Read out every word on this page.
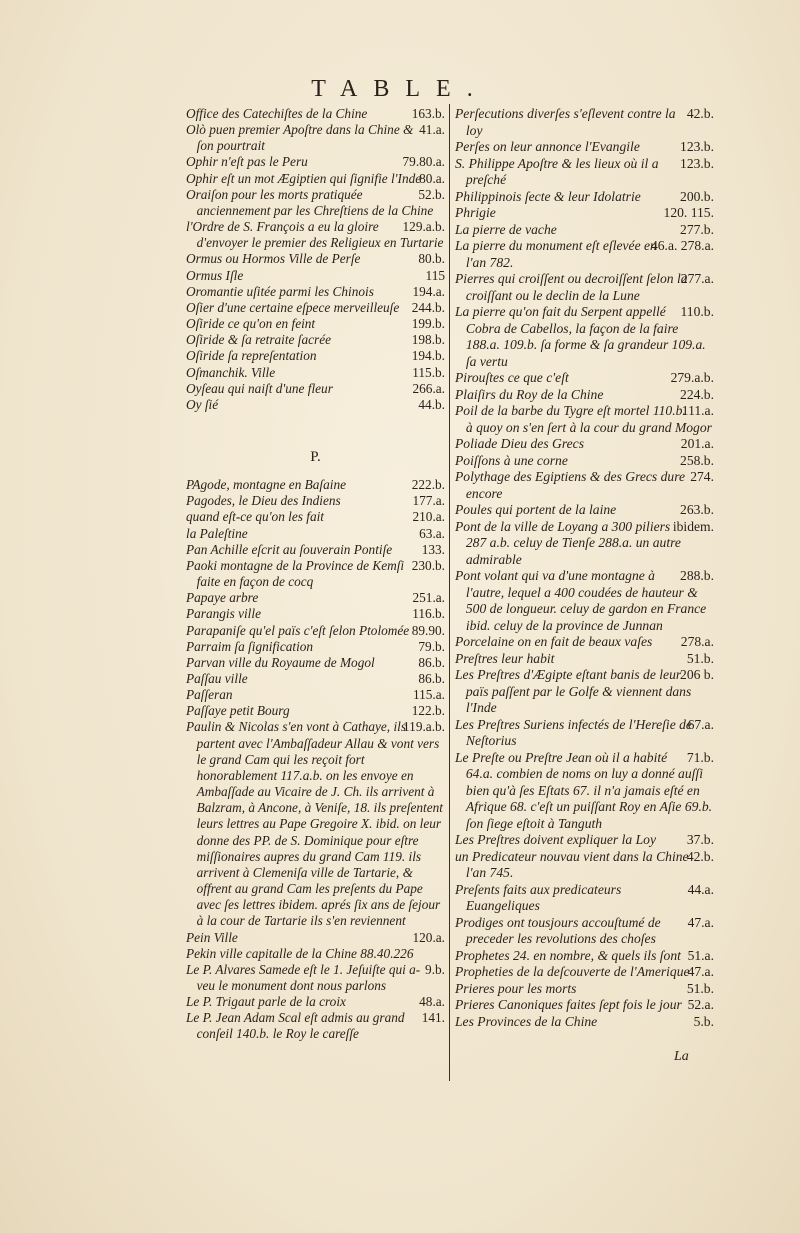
TABLE.
163.b.
Office des Catechiſtes de la Chine
41.a.
Olò puen premier Apoſtre dans la Chine & ſon pourtrait
79.80.a.
Ophir n'eſt pas le Peru
80.a.
Ophir eſt un mot Ægiptien qui ſignifie l'Inde
52.b.
Oraiſon pour les morts pratiquée anciennement par les Chreſtiens de la Chine
129.a.b.
l'Ordre de S. François a eu la gloire d'envoyer le premier des Religieux en Turtarie
80.b.
Ormus ou Hormos Ville de Perſe
115
Ormus Iſle
194.a.
Oromantie uſitée parmi les Chinois
244.b.
Oſier d'une certaine eſpece merveilleuſe
199.b.
Oſiride ce qu'on en feint
198.b.
Oſiride & ſa retraite ſacrée
194.b.
Oſiride ſa repreſentation
115.b.
Oſmanchik. Ville
266.a.
Oyſeau qui naiſt d'une fleur
44.b.
Oy ſié
P.
222.b.
PAgode, montagne en Baſaine
177.a.
Pagodes, le Dieu des Indiens
210.a.
quand eſt-ce qu'on les fait
63.a.
la Paleſtine
133.
Pan Achille eſcrit au ſouverain Pontiſe
230.b.
Paoki montagne de la Province de Kemſi faite en façon de cocq
251.a.
Papaye arbre
116.b.
Parangis ville
89.90.
Parapaniſe qu'el païs c'eſt ſelon Ptolomée
79.b.
Parraim ſa ſignification
86.b.
Parvan ville du Royaume de Mogol
86.b.
Paſſau ville
115.a.
Paſſeran
122.b.
Paſſaye petit Bourg
119.a.b.
Paulin & Nicolas s'en vont à Cathaye, ils partent avec l'Ambaſſadeur Allau & vont vers le grand Cam qui les reçoit fort honorablement 117.a.b. on les envoye en Ambaſſade au Vicaire de J. Ch. ils arrivent à Balzram, à Ancone, à Veniſe, 18. ils preſentent leurs lettres au Pape Gregoire X. ibid. on leur donne des PP. de S. Dominique pour eſtre miſſionaires aupres du grand Cam 119. ils arrivent à Clemeniſa ville de Tartarie, & offrent au grand Cam les preſents du Pape avec ſes lettres ibidem. aprés ſix ans de ſejour à la cour de Tartarie ils s'en reviennent
120.a.
Pein Ville
Pekin ville capitalle de la Chine 88.40.226
9.b.
Le P. Alvares Samede eſt le 1. Jeſuiſte qui a-veu le monument dont nous parlons
48.a.
Le P. Trigaut parle de la croix
141.
Le P. Jean Adam Scal eſt admis au grand conſeil 140.b. le Roy le careſſe
42.b.
Perſecutions diverſes s'eſlevent contre la loy
123.b.
Perſes on leur annonce l'Evangile
123.b.
S. Philippe Apoſtre & les lieux où il a preſché
200.b.
Philippinois ſecte & leur Idolatrie
120. 115.
Phrigie
277.b.
La pierre de vache
46.a. 278.a.
La pierre du monument eſt eſlevée en l'an 782.
277.a.
Pierres qui croiſſent ou decroiſſent ſelon la croiſſant ou le declin de la Lune
110.b.
La pierre qu'on fait du Serpent appellé Cobra de Cabellos, la façon de la faire 188.a. 109.b. ſa forme & ſa grandeur 109.a. ſa vertu
279.a.b.
Pirouſtes ce que c'eſt
224.b.
Plaiſirs du Roy de la Chine
111.a.
Poil de la barbe du Tygre eſt mortel 110.b. à quoy on s'en ſert à la cour du grand Mogor
201.a.
Poliade Dieu des Grecs
258.b.
Poiſſons à une corne
274.
Polythage des Egiptiens & des Grecs dure encore
263.b.
Poules qui portent de la laine
ibidem.
Pont de la ville de Loyang a 300 piliers 287 a.b. celuy de Tienſe 288.a. un autre admirable
288.b.
Pont volant qui va d'une montagne à l'autre, lequel a 400 coudées de hauteur & 500 de longueur. celuy de gardon en France ibid. celuy de la province de Junnan
278.a.
Porcelaine on en fait de beaux vaſes
51.b.
Preſtres leur habit
206 b.
Les Preſtres d'Ægipte eſtant banis de leur païs paſſent par le Golfe & viennent dans l'Inde
67.a.
Les Preſtres Suriens infectés de l'Hereſie de Neſtorius
71.b.
Le Preſte ou Preſtre Jean où il a habité 64.a. combien de noms on luy a donné auſſi bien qu'à ſes Eſtats 67. il n'a jamais eſté en Afrique 68. c'eſt un puiſſant Roy en Aſie 69.b. ſon ſiege eſtoit à Tanguth
37.b.
Les Preſtres doivent expliquer la Loy
42.b.
un Predicateur nouvau vient dans la Chine l'an 745.
44.a.
Preſents faits aux predicateurs Euangeliques
47.a.
Prodiges ont tousjours accouſtumé de preceder les revolutions des choſes
51.a.
Prophetes 24. en nombre, & quels ils ſont
47.a.
Propheties de la deſcouverte de l'Amerique
51.b.
Prieres pour les morts
52.a.
Prieres Canoniques faites ſept fois le jour
5.b.
Les Provinces de la Chine
La
